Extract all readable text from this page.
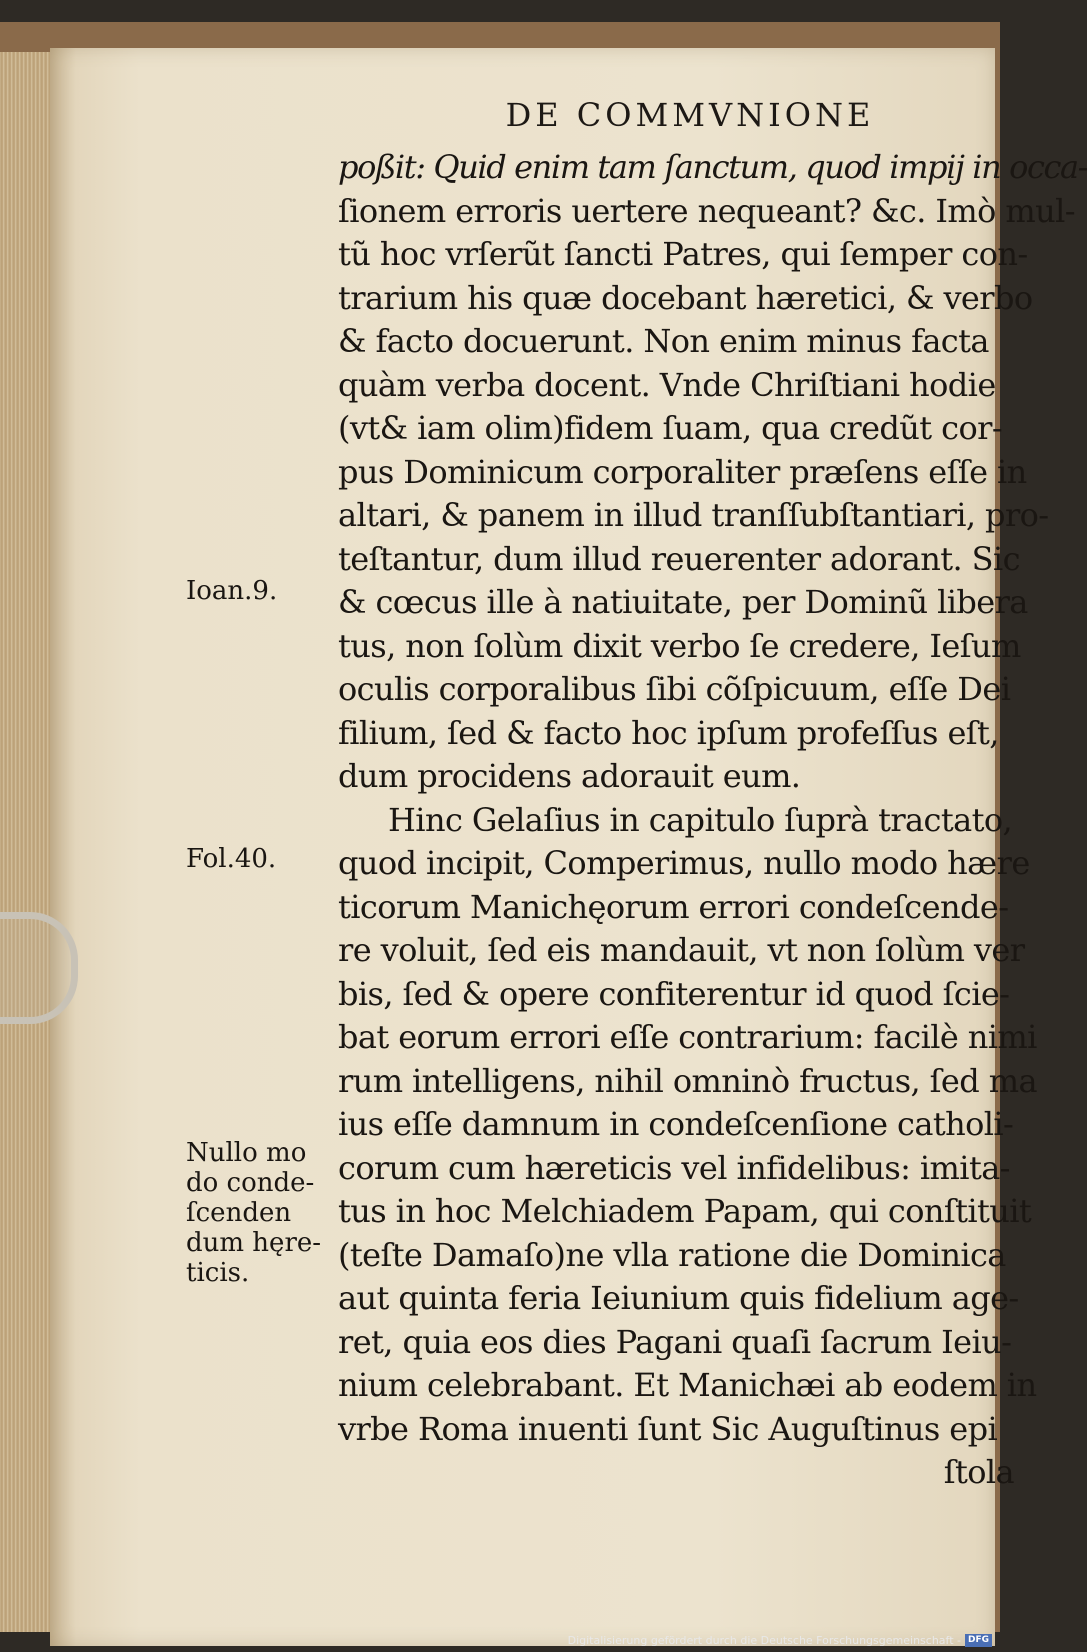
DE COMMVNIONE
poßit: Quid enim tam ſanctum, quod impij in occa-
ſionem erroris uertere nequeant? &c. Imò mul-
tũ hoc vrſerũt ſancti Patres, qui ſemper con-
trarium his quæ docebant hæretici, & verbo
& facto docuerunt. Non enim minus facta
quàm verba docent. Vnde Chriſtiani hodie
(vt& iam olim)fidem ſuam, qua credũt cor-
pus Dominicum corporaliter præſens eſſe in
altari, & panem in illud tranſſubſtantiari, pro-
teſtantur, dum illud reuerenter adorant. Sic
& cœcus ille à natiuitate, per Dominũ libera
tus, non ſolùm dixit verbo ſe credere, Ieſum
oculis corporalibus ſibi cõſpicuum, eſſe Dei
filium, ſed & facto hoc ipſum profeſſus eſt,
dum procidens adorauit eum.
Hinc Gelaſius in capitulo ſuprà tractato,
quod incipit, Comperimus, nullo modo hære
ticorum Manichęorum errori condeſcende-
re voluit, ſed eis mandauit, vt non ſolùm ver
bis, ſed & opere confiterentur id quod ſcie-
bat eorum errori eſſe contrarium: facilè nimi
rum intelligens, nihil omninò fructus, ſed ma
ius eſſe damnum in condeſcenſione catholi-
corum cum hæreticis vel infidelibus: imita-
tus in hoc Melchiadem Papam, qui conſtituit
(teſte Damaſo)ne vlla ratione die Dominica
aut quinta feria Ieiunium quis fidelium age-
ret, quia eos dies Pagani quaſi ſacrum Ieiu-
nium celebrabant. Et Manichæi ab eodem in
vrbe Roma inuenti ſunt Sic Auguſtinus epi
ſtola
Ioan.9.
Fol.40.
Nullo mo
do conde-
ſcenden
dum hęre-
ticis.
Digitalisierung gefördert durch die Deutsche Forschungsgemeinschaft - DFG
